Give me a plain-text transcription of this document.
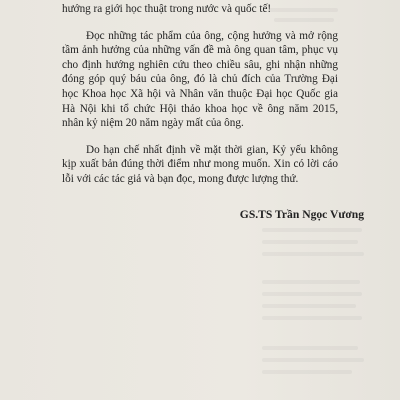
hướng ra giới học thuật trong nước và quốc tế!

Đọc những tác phẩm của ông, cộng hưởng và mở rộng tầm ảnh hưởng của những vấn đề mà ông quan tâm, phục vụ cho định hướng nghiên cứu theo chiều sâu, ghi nhận những đóng góp quý báu của ông, đó là chủ đích của Trường Đại học Khoa học Xã hội và Nhân văn thuộc Đại học Quốc gia Hà Nội khi tổ chức Hội thảo khoa học về ông năm 2015, nhân kỷ niệm 20 năm ngày mất của ông.

Do hạn chế nhất định về mặt thời gian, Kỷ yếu không kịp xuất bản đúng thời điểm như mong muốn. Xin có lời cáo lỗi với các tác giả và bạn đọc, mong được lượng thứ.

GS.TS Trần Ngọc Vương
